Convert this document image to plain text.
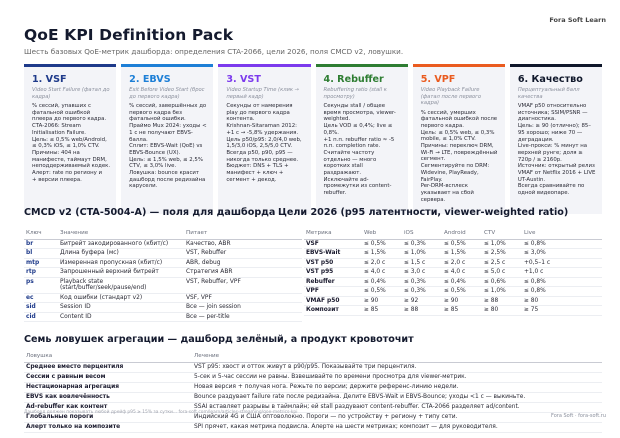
Fora Soft Learn
QoE KPI Definition Pack
Шесть базовых QoE-метрик дашборда: определения CTA-2066, цели 2026, поля CMCD v2, ловушки.
1. VSF
Video Start Failure (фатал до кадра)
% сессий, упавших с фатальной ошибкой плеера до первого кадра.
CTA-2066: Stream Initialisation Failure.
Цель: ≤ 0,5% web/Android, ≤ 0,3% iOS, ≤ 1,0% CTV.
Причины: 404 на манифесте, таймаут DRM, неподдерживаемый кодек.
Алерт: rate по региону и
+ версии плеера.
2. EBVS
Exit Before Video Start (брос до первого кадра)
% сессий, завершённых до первого кадра без фатальной ошибки.
Праймо Mux 2024: уходы < 1 с не получают EBVS-баллa.
Сплит: EBVS-Wait (QoE) vs EBVS-Bounce (UX).
Цель: ≤ 1,5% web, ≤ 2,5% CTV, ≤ 3,0% live.
Ловушка: bounce красит дашборд после редизайна карусели.
3. VST
Video Startup Time (клик → первый кадр)
Секунды от намерения play до первого кадра контента.
Krishnan-Sitaraman 2012: +1 с → -5,8% удержания.
Цель p50/p95: 2,0/4,0 web, 1,5/3,0 iOS, 2,5/5,0 CTV.
Всегда p50, p90, p95 — никогда только среднее.
Бюджет: DNS + TLS + манифест + ключ + сегмент + декод.
4. Rebuffer
Rebuffering ratio (stall к просмотру)
Секунды stall / общее время просмотра, viewer-weighted.
Цель VOD ≤ 0,4%; live ≤ 0,8%.
+1 п.п. rebuffer ratio ≈ -5 п.п. completion rate.
Считайте частоту отдельно — много коротких stall раздражают.
Исключайте ad-промежутки из content-rebuffer.
5. VPF
Video Playback Failure (фатал после первого кадра)
% сессий, умерших фатальной ошибкой после первого кадра.
Цель: ≤ 0,5% web, ≤ 0,3% mobile, ≤ 1,0% CTV.
Причины: переключ DRM, Wi-Fi → LTE, повреждённый сегмент.
Сегментируйте по DRM: Widevine, PlayReady, FairPlay.
Per-DRM-всплеск указывает на сбой сервера.
6. Качество
Перцептуальный балл качества
VMAF p50 относительно источника; SSIM/PSNR — диагностика.
Цель: ≥ 90 (отлично); 85–95 хорошо; ниже 70 — деградация.
Live-прокси: % минут на верхней рунге; доля ≥ 720p / ≥ 2160p.
Источник: открытый релиз VMAF от Netflix 2016 + LIVE UT-Austin.
Всегда сравнивайте по одной видеопаре.
CMCD v2 (CTA-5004-A) — поля для дашборда Цели 2026 (p95 латентности, viewer-weighted ratio)
Ключ	Значение	Питает
br	Битрейт закодированного (кбит/с)	Качество, ABR
bl	Длина буфера (мс)	VST, Rebuffer
mtp	Измеренная пропускная (кбит/с)	ABR, debug
rtp	Запрошенный верхний битрейт	Стратегия ABR
ps	Playback state (start/buffer/seek/pause/end)	VST, Rebuffer, VPF
ec	Код ошибки (стандарт v2)	VSF, VPF
sid	Session ID	Все — join session
cid	Content ID	Все — per-title
Метрика	Web	iOS	Android	CTV	Live
VSF	≤ 0,5%	≤ 0,3%	≤ 0,5%	≤ 1,0%	≤ 0,8%
EBVS-Wait	≤ 1,5%	≤ 1,0%	≤ 1,5%	≤ 2,5%	≤ 3,0%
VST p50	≤ 2,0 с	≤ 1,5 с	≤ 2,0 с	≤ 2,5 с	+0,5–1 с
VST p95	≤ 4,0 с	≤ 3,0 с	≤ 4,0 с	≤ 5,0 с	+1,0 с
Rebuffer	≤ 0,4%	≤ 0,3%	≤ 0,4%	≤ 0,6%	≤ 0,8%
VPF	≤ 0,5%	≤ 0,3%	≤ 0,5%	≤ 1,0%	≤ 0,8%
VMAF p50	≥ 90	≥ 92	≥ 90	≥ 88	≥ 80
Композит	≥ 85	≥ 88	≥ 85	≥ 80	≥ 75
Семь ловушек агрегации — дашборд зелёный, а продукт кровоточит
Ловушка	Лечение
Среднее вместо перцентиля	VST p95: хвост и отток живут в p90/p95. Показывайте три перцентиля.
Сессии с равным весом	5-сек и 5-час сессии не равны. Взвешивайте по времени просмотра для viewer-метрик.
Нестационарная агрегация	Новая версия + получая нога. Режьте по версии; держите референс-линию недели.
EBVS как вовлечённость	Bounce раздувает failure rate после редизайна. Делите EBVS-Wait и EBVS-Bounce; уходы <1 с — выкиньте.
Ad-rebuffer как контент	SSAI вставляет разрывы в таймлайн; ей stall раздувают content-rebuffer. CTA-2066 разделяет ad/content.
Глобальные пороги	Индийский 4G и США оптоволокно. Пороги — по устройству + региону + типу сети.
Алерт только на композите	SPI прячет, какая метрика подвисла. Алерте на шести метриках; композит — для руководителя.
Дашборд должен показывать любой дрейф p95 ≥ 15% за сутки... fora-soft.com/learn/articles-streaming/qoe-metrics-kpi
Fora Soft · fora-soft.ru
